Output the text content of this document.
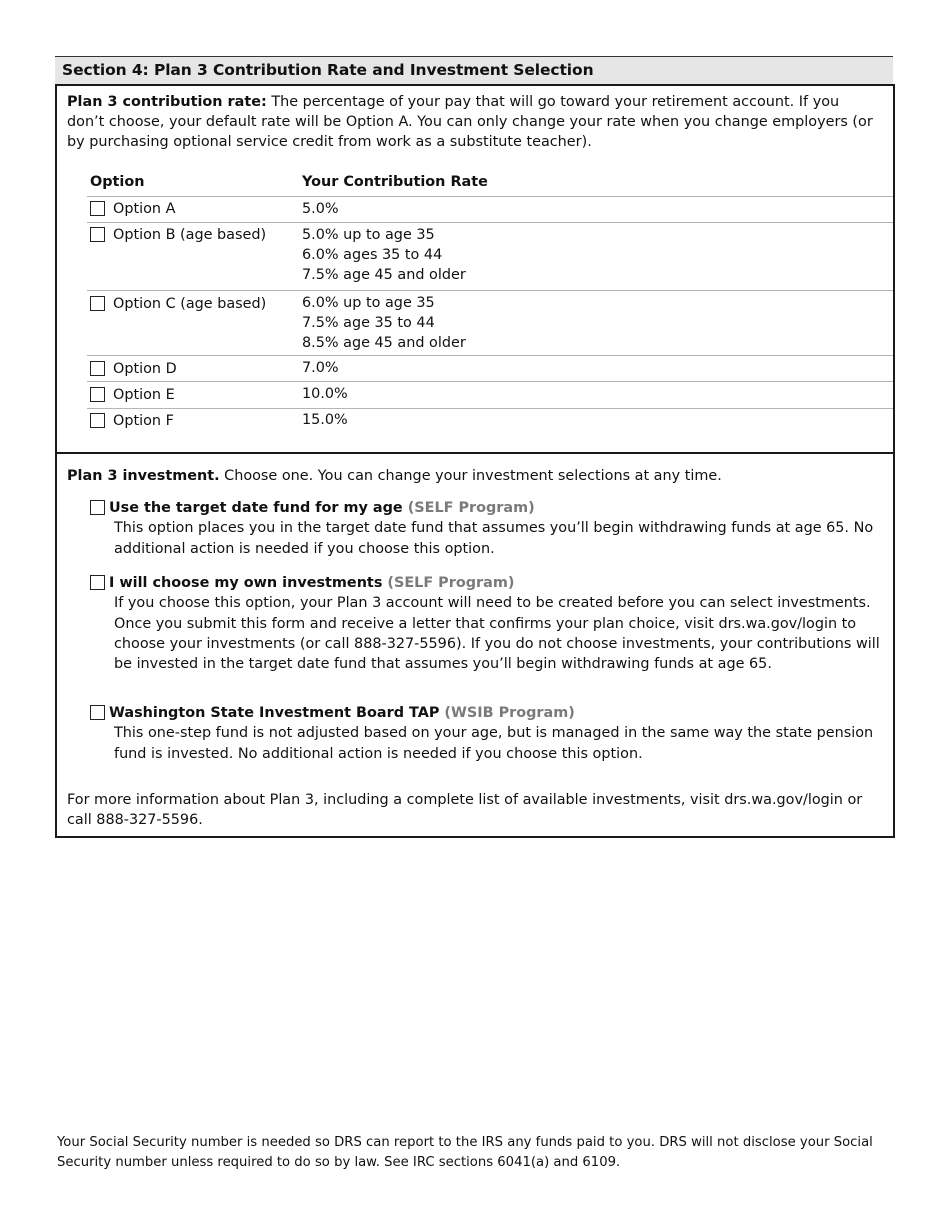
Section 4: Plan 3 Contribution Rate and Investment Selection
Plan 3 contribution rate: The percentage of your pay that will go toward your retirement account. If you don’t choose, your default rate will be Option A. You can only change your rate when you change employers (or by purchasing optional service credit from work as a substitute teacher).
Option	Your Contribution Rate
Option A	5.0%
Option B (age based) 5.0% up to age 35
6.0% ages 35 to 44
7.5% age 45 and older
Option C (age based) 6.0% up to age 35
7.5% age 35 to 44
8.5% age 45 and older
Option D	7.0%
Option E	10.0%
Option F	15.0%
Plan 3 investment. Choose one. You can change your investment selections at any time.
Use the target date fund for my age (SELF Program)
This option places you in the target date fund that assumes you’ll begin withdrawing funds at age 65. No additional action is needed if you choose this option.
I will choose my own investments (SELF Program)
If you choose this option, your Plan 3 account will need to be created before you can select investments. Once you submit this form and receive a letter that confirms your plan choice, visit drs.wa.gov/login to choose your investments (or call 888-327-5596). If you do not choose investments, your contributions will be invested in the target date fund that assumes you’ll begin withdrawing funds at age 65.
Washington State Investment Board TAP (WSIB Program)
This one-step fund is not adjusted based on your age, but is managed in the same way the state pension fund is invested. No additional action is needed if you choose this option.
For more information about Plan 3, including a complete list of available investments, visit drs.wa.gov/login or call 888-327-5596.
Your Social Security number is needed so DRS can report to the IRS any funds paid to you. DRS will not disclose your Social Security number unless required to do so by law. See IRC sections 6041(a) and 6109.
